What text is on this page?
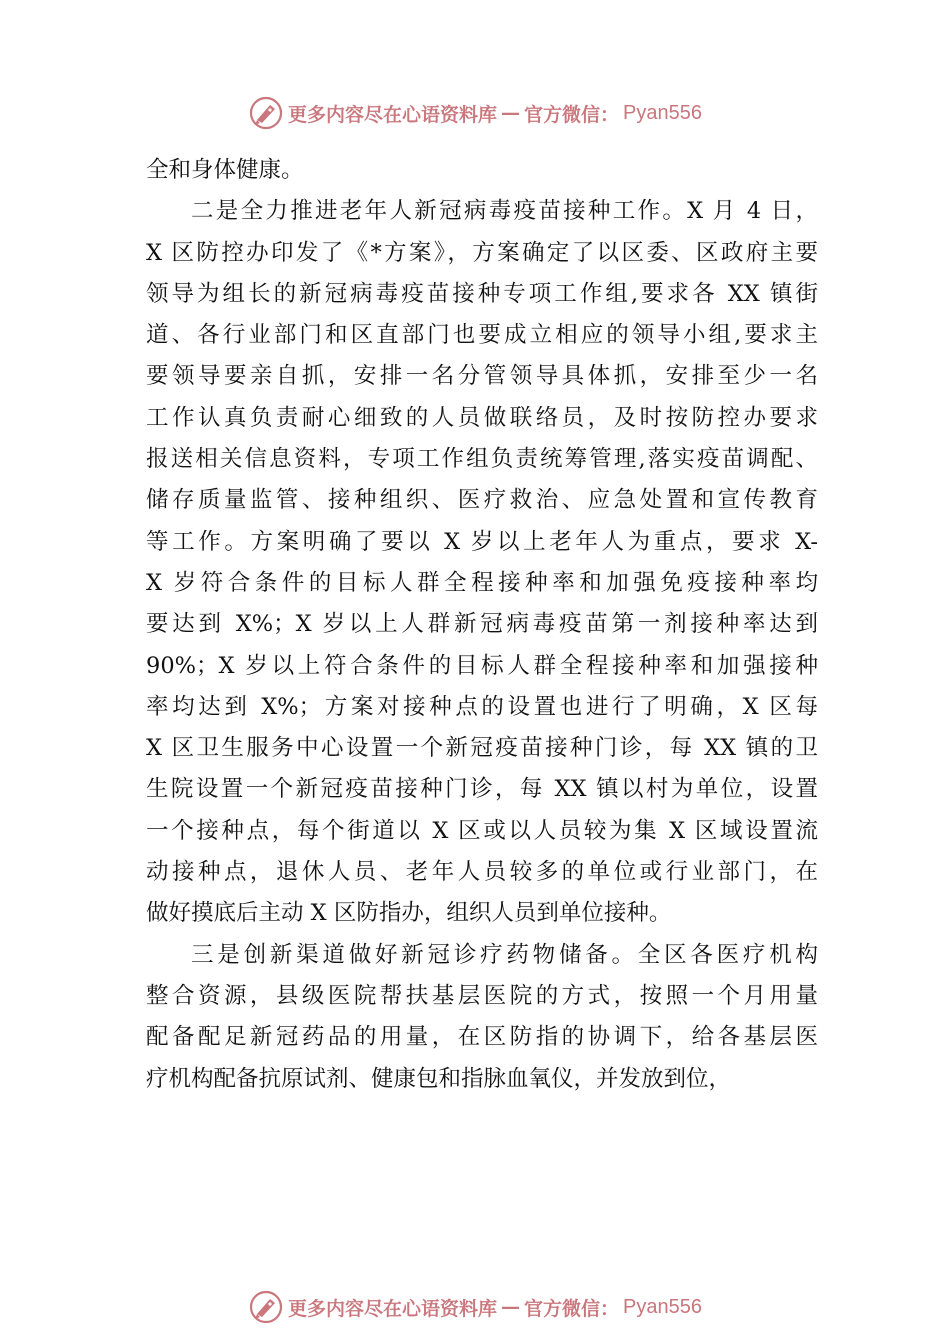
更多内容尽在心语资料库 — 官方微信： Pyan556
全和身体健康。
二是全力推进老年人新冠病毒疫苗接种工作。X 月 4 日，
X 区防控办印发了《*方案》，方案确定了以区委、区政府主要
领导为组长的新冠病毒疫苗接种专项工作组,要求各 XX 镇街
道、各行业部门和区直部门也要成立相应的领导小组,要求主
要领导要亲自抓，安排一名分管领导具体抓，安排至少一名
工作认真负责耐心细致的人员做联络员，及时按防控办要求
报送相关信息资料，专项工作组负责统筹管理,落实疫苗调配、
储存质量监管、接种组织、医疗救治、应急处置和宣传教育
等工作。方案明确了要以 X 岁以上老年人为重点，要求 X-
X 岁符合条件的目标人群全程接种率和加强免疫接种率均
要达到 X%；X 岁以上人群新冠病毒疫苗第一剂接种率达到
90%；X 岁以上符合条件的目标人群全程接种率和加强接种
率均达到 X%；方案对接种点的设置也进行了明确，X 区每
X 区卫生服务中心设置一个新冠疫苗接种门诊，每 XX 镇的卫
生院设置一个新冠疫苗接种门诊，每 XX 镇以村为单位，设置
一个接种点，每个街道以 X 区或以人员较为集 X 区域设置流
动接种点，退休人员、老年人员较多的单位或行业部门，在
做好摸底后主动 X 区防指办，组织人员到单位接种。
三是创新渠道做好新冠诊疗药物储备。全区各医疗机构
整合资源，县级医院帮扶基层医院的方式，按照一个月用量
配备配足新冠药品的用量，在区防指的协调下，给各基层医
疗机构配备抗原试剂、健康包和指脉血氧仪，并发放到位，
更多内容尽在心语资料库 — 官方微信： Pyan556
